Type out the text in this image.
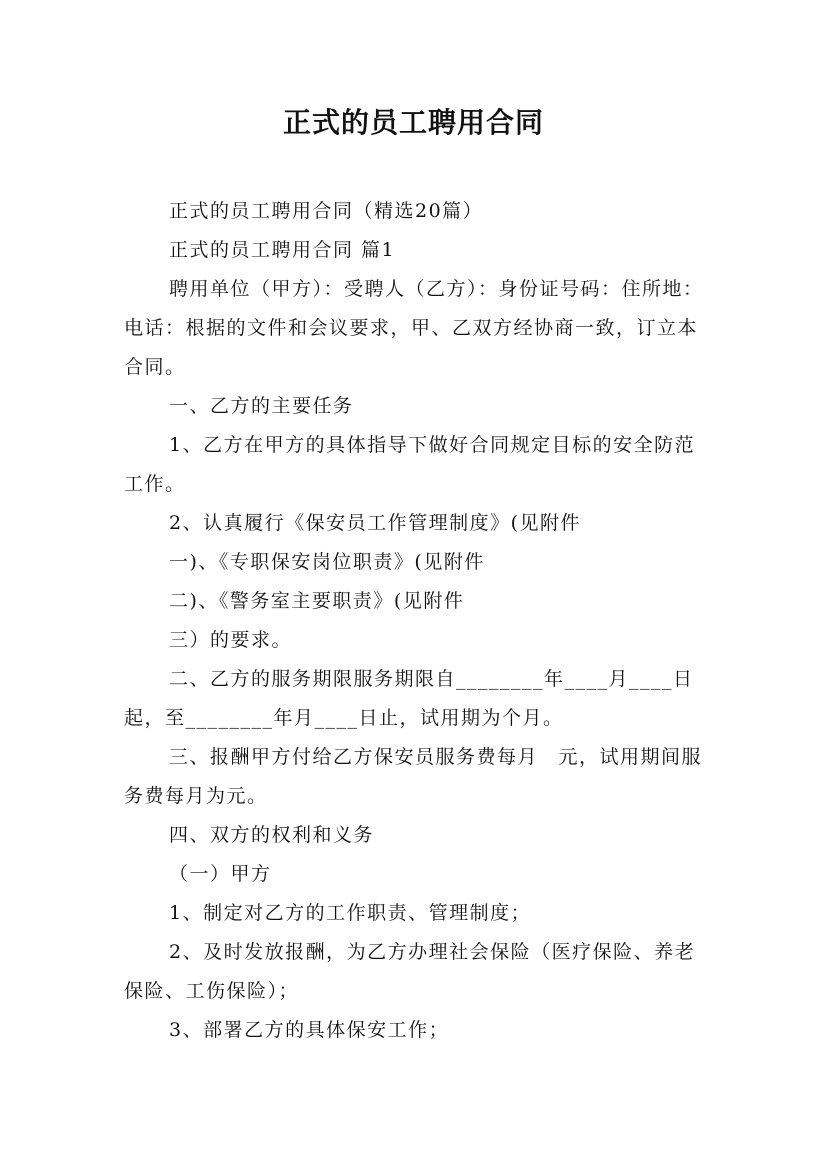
正式的员工聘用合同

正式的员工聘用合同（精选20篇）

正式的员工聘用合同 篇1

聘用单位（甲方）：受聘人（乙方）：身份证号码：住所地：电话：根据的文件和会议要求，甲、乙双方经协商一致，订立本合同。

一、乙方的主要任务

1、乙方在甲方的具体指导下做好合同规定目标的安全防范工作。

2、认真履行《保安员工作管理制度》(见附件

一)、《专职保安岗位职责》(见附件

二)、《警务室主要职责》(见附件

三）的要求。

二、乙方的服务期限服务期限自________年____月____日起，至________年月____日止，试用期为个月。

三、报酬甲方付给乙方保安员服务费每月　元，试用期间服务费每月为元。

四、双方的权利和义务

（一）甲方

1、制定对乙方的工作职责、管理制度；

2、及时发放报酬，为乙方办理社会保险（医疗保险、养老保险、工伤保险）；

3、部署乙方的具体保安工作；
